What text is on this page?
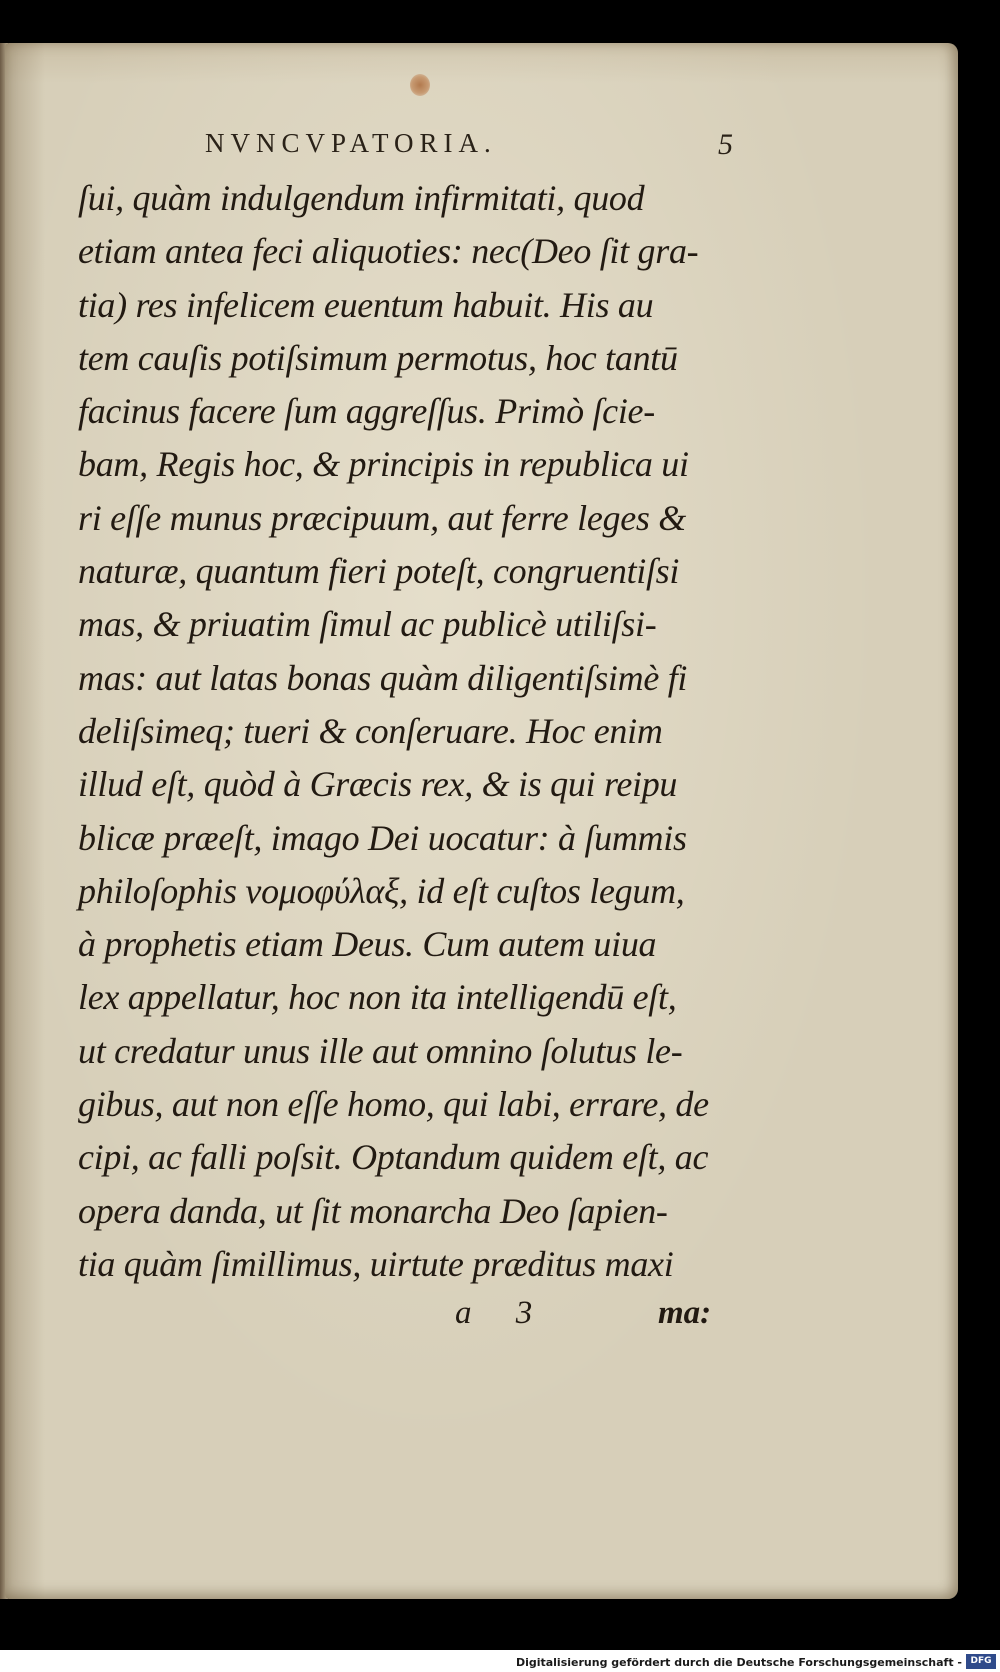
NVNCVPATORIA.	5
ſui, quàm indulgendum infirmitati, quod
etiam antea feci aliquoties: nec(Deo ſit gra-
tia) res infelicem euentum habuit. His au
tem cauſis potiſsimum permotus, hoc tantū
facinus facere ſum aggreſſus. Primò ſcie-
bam, Regis hoc, & principis in republica ui
ri eſſe munus præcipuum, aut ferre leges &
naturæ, quantum fieri poteſt, congruentiſsi
mas, & priuatim ſimul ac publicè utiliſsi-
mas: aut latas bonas quàm diligentiſsimè fi
deliſsimeq; tueri & conſeruare. Hoc enim
illud eſt, quòd à Græcis rex, & is qui reipu
blicæ præeſt, imago Dei uocatur: à ſummis
philoſophis νομοφύλαξ, id eſt cuſtos legum,
à prophetis etiam Deus. Cum autem uiua
lex appellatur, hoc non ita intelligendū eſt,
ut credatur unus ille aut omnino ſolutus le-
gibus, aut non eſſe homo, qui labi, errare, de
cipi, ac falli poſsit. Optandum quidem eſt, ac
opera danda, ut ſit monarcha Deo ſapien-
tia quàm ſimillimus, uirtute præditus maxi
a 3	ma:
Digitalisierung gefördert durch die Deutsche Forschungsgemeinschaft - DFG
